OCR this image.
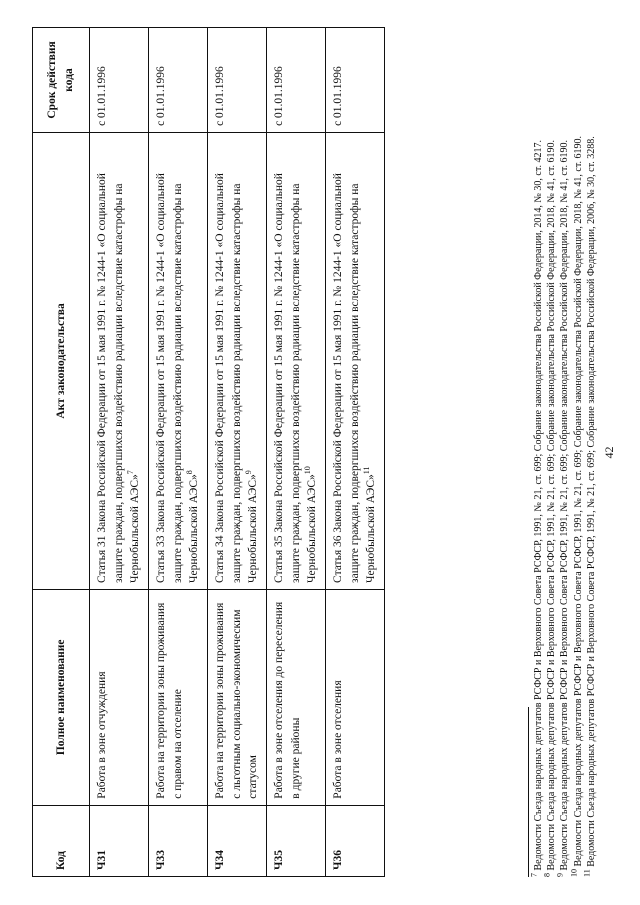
42
Код	Полное наименование	Акт законодательства	Срок действия кода
Ч31	Работа в зоне отчуждения	Статья 31 Закона Российской Федерации от 15 мая 1991 г. № 1244-1 «О социальной защите граждан, подвергшихся воздействию радиации вследствие катастрофы на Чернобыльской АЭС»$^7$	с 01.01.1996
Ч33	Работа на территории зоны проживания с правом на отселение	Статья 33 Закона Российской Федерации от 15 мая 1991 г. № 1244-1 «О социальной защите граждан, подвергшихся воздействию радиации вследствие катастрофы на Чернобыльской АЭС»$^8$	с 01.01.1996
Ч34	Работа на территории зоны проживания с льготным социально-экономическим статусом	Статья 34 Закона Российской Федерации от 15 мая 1991 г. № 1244-1 «О социальной защите граждан, подвергшихся воздействию радиации вследствие катастрофы на Чернобыльской АЭС»$^9$	с 01.01.1996
Ч35	Работа в зоне отселения до переселения в другие районы	Статья 35 Закона Российской Федерации от 15 мая 1991 г. № 1244-1 «О социальной защите граждан, подвергшихся воздействию радиации вследствие катастрофы на Чернобыльской АЭС»$^{10}$	с 01.01.1996
Ч36	Работа в зоне отселения	Статья 36 Закона Российской Федерации от 15 мая 1991 г. № 1244-1 «О социальной защите граждан, подвергшихся воздействию радиации вследствие катастрофы на Чернобыльской АЭС»$^{11}$	с 01.01.1996
$^7$ Ведомости Съезда народных депутатов РСФСР и Верховного Совета РСФСР, 1991, № 21, ст. 699; Собрание законодательства Российской Федерации, 2014, № 30, ст. 4217.
$^8$ Ведомости Съезда народных депутатов РСФСР и Верховного Совета РСФСР, 1991, № 21, ст. 699; Собрание законодательства Российской Федерации, 2018, № 41, ст. 6190.
$^9$ Ведомости Съезда народных депутатов РСФСР и Верховного Совета РСФСР, 1991, № 21, ст. 699; Собрание законодательства Российской Федерации, 2018, № 41, ст. 6190.
$^{10}$ Ведомости Съезда народных депутатов РСФСР и Верховного Совета РСФСР, 1991, № 21, ст. 699; Собрание законодательства Российской Федерации, 2018, № 41, ст. 6190.
$^{11}$ Ведомости Съезда народных депутатов РСФСР и Верховного Совета РСФСР, 1991, № 21, ст. 699; Собрание законодательства Российской Федерации, 2006, № 30, ст. 3288.
